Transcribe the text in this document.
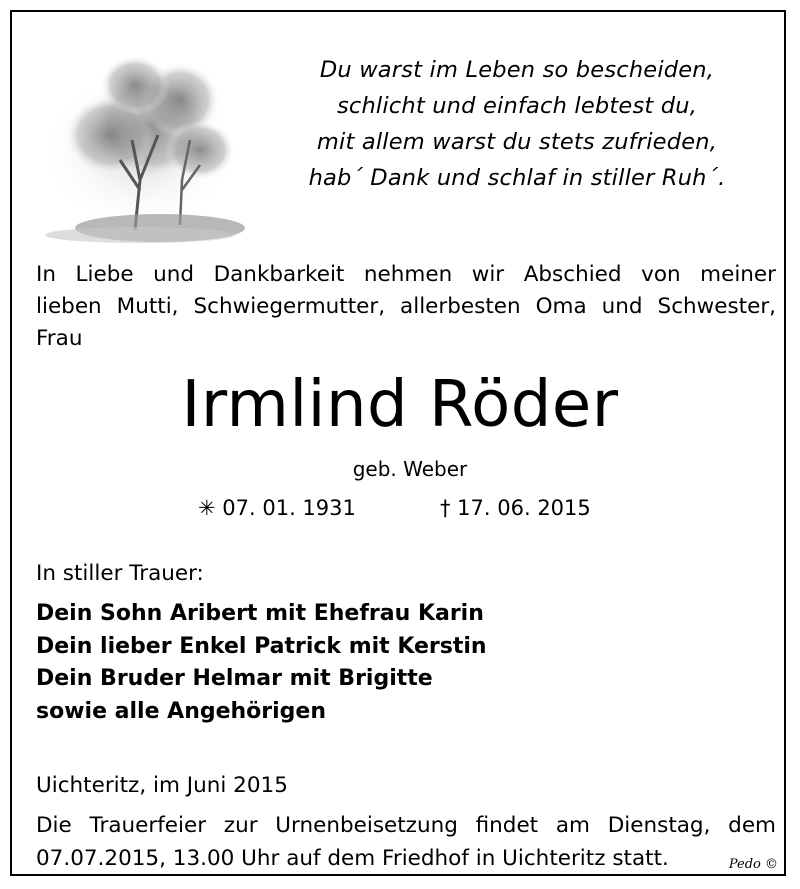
Du warst im Leben so bescheiden,
schlicht und einfach lebtest du,
mit allem warst du stets zufrieden,
hab´ Dank und schlaf in stiller Ruh´.
In Liebe und Dankbarkeit nehmen wir Abschied von meiner
lieben Mutti, Schwiegermutter, allerbesten Oma und Schwester,
Frau
Irmlind Röder
geb. Weber
✳ 07. 01. 1931	† 17. 06. 2015
In stiller Trauer:
Dein Sohn Aribert mit Ehefrau Karin
Dein lieber Enkel Patrick mit Kerstin
Dein Bruder Helmar mit Brigitte
sowie alle Angehörigen
Uichteritz, im Juni 2015
Die Trauerfeier zur Urnenbeisetzung findet am Dienstag, dem
07.07.2015, 13.00 Uhr auf dem Friedhof in Uichteritz statt.	Pedo ©
